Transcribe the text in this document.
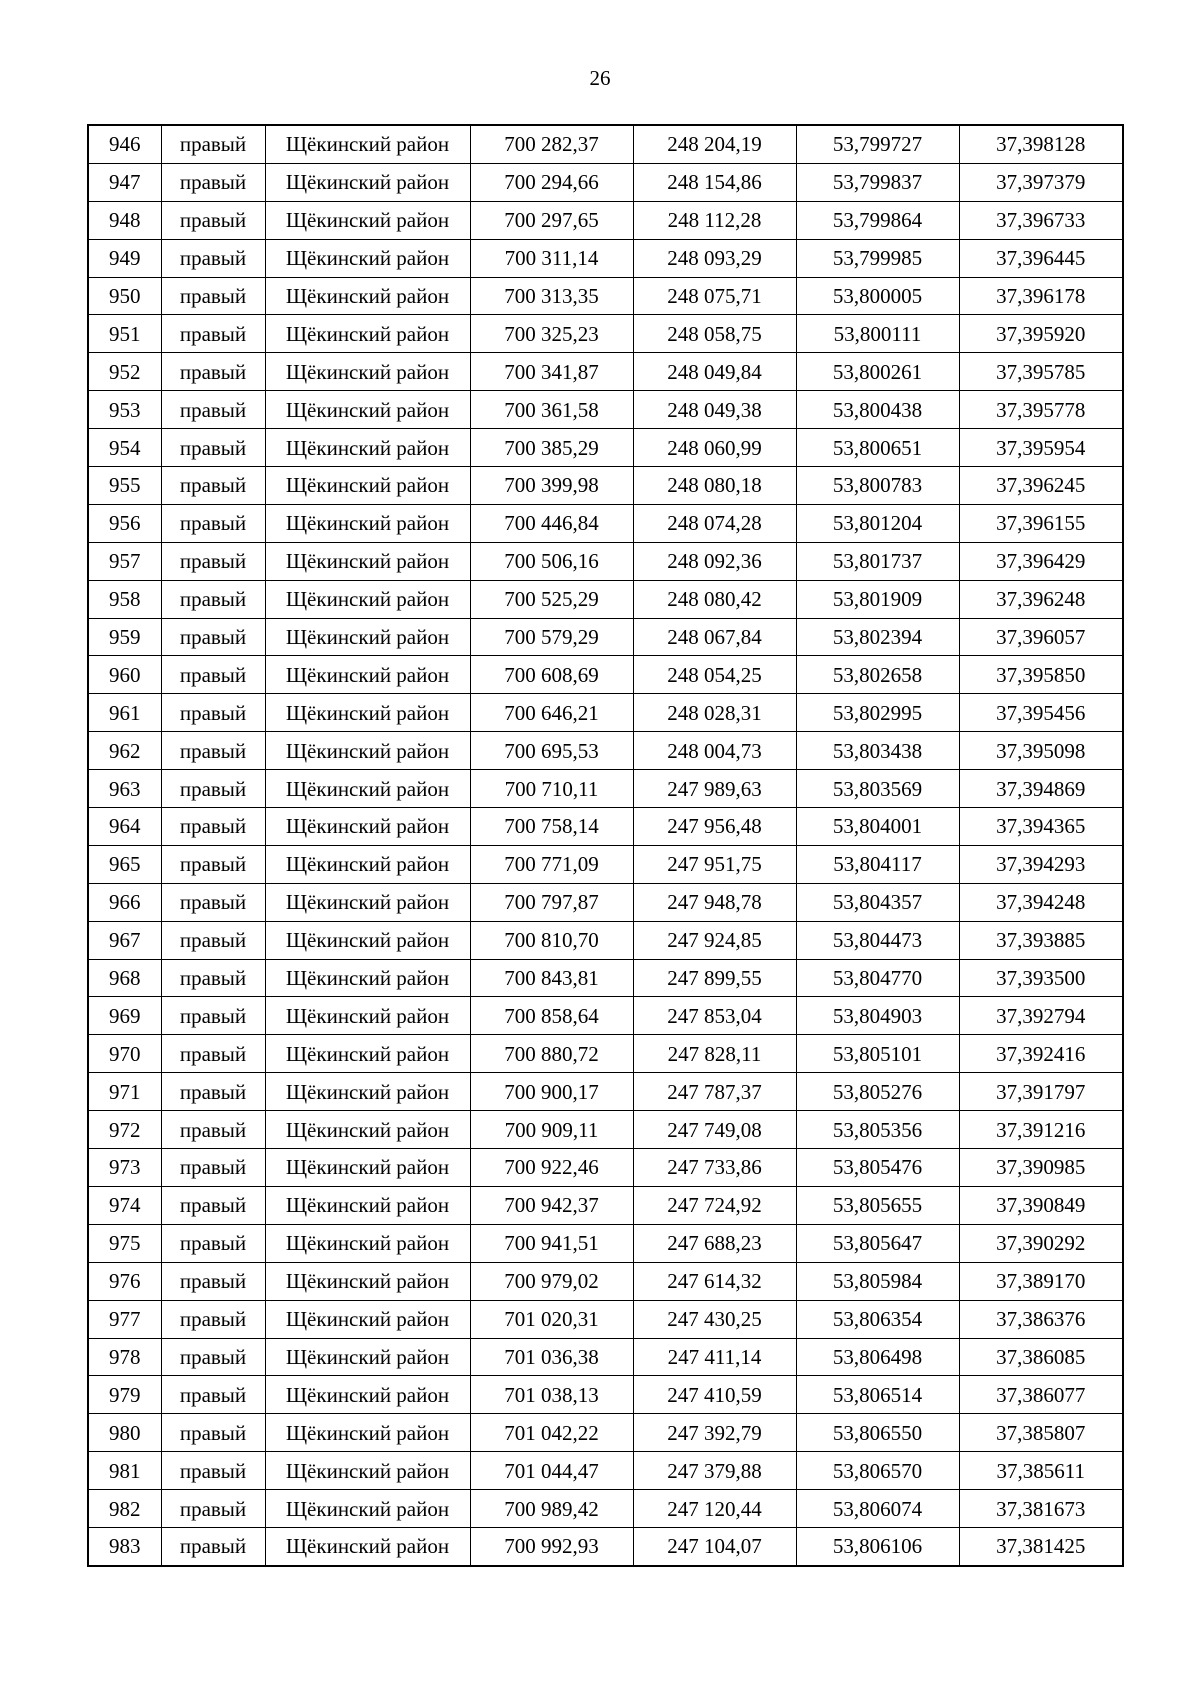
26
946	правый	Щёкинский район	700 282,37	248 204,19	53,799727	37,398128
947	правый	Щёкинский район	700 294,66	248 154,86	53,799837	37,397379
948	правый	Щёкинский район	700 297,65	248 112,28	53,799864	37,396733
949	правый	Щёкинский район	700 311,14	248 093,29	53,799985	37,396445
950	правый	Щёкинский район	700 313,35	248 075,71	53,800005	37,396178
951	правый	Щёкинский район	700 325,23	248 058,75	53,800111	37,395920
952	правый	Щёкинский район	700 341,87	248 049,84	53,800261	37,395785
953	правый	Щёкинский район	700 361,58	248 049,38	53,800438	37,395778
954	правый	Щёкинский район	700 385,29	248 060,99	53,800651	37,395954
955	правый	Щёкинский район	700 399,98	248 080,18	53,800783	37,396245
956	правый	Щёкинский район	700 446,84	248 074,28	53,801204	37,396155
957	правый	Щёкинский район	700 506,16	248 092,36	53,801737	37,396429
958	правый	Щёкинский район	700 525,29	248 080,42	53,801909	37,396248
959	правый	Щёкинский район	700 579,29	248 067,84	53,802394	37,396057
960	правый	Щёкинский район	700 608,69	248 054,25	53,802658	37,395850
961	правый	Щёкинский район	700 646,21	248 028,31	53,802995	37,395456
962	правый	Щёкинский район	700 695,53	248 004,73	53,803438	37,395098
963	правый	Щёкинский район	700 710,11	247 989,63	53,803569	37,394869
964	правый	Щёкинский район	700 758,14	247 956,48	53,804001	37,394365
965	правый	Щёкинский район	700 771,09	247 951,75	53,804117	37,394293
966	правый	Щёкинский район	700 797,87	247 948,78	53,804357	37,394248
967	правый	Щёкинский район	700 810,70	247 924,85	53,804473	37,393885
968	правый	Щёкинский район	700 843,81	247 899,55	53,804770	37,393500
969	правый	Щёкинский район	700 858,64	247 853,04	53,804903	37,392794
970	правый	Щёкинский район	700 880,72	247 828,11	53,805101	37,392416
971	правый	Щёкинский район	700 900,17	247 787,37	53,805276	37,391797
972	правый	Щёкинский район	700 909,11	247 749,08	53,805356	37,391216
973	правый	Щёкинский район	700 922,46	247 733,86	53,805476	37,390985
974	правый	Щёкинский район	700 942,37	247 724,92	53,805655	37,390849
975	правый	Щёкинский район	700 941,51	247 688,23	53,805647	37,390292
976	правый	Щёкинский район	700 979,02	247 614,32	53,805984	37,389170
977	правый	Щёкинский район	701 020,31	247 430,25	53,806354	37,386376
978	правый	Щёкинский район	701 036,38	247 411,14	53,806498	37,386085
979	правый	Щёкинский район	701 038,13	247 410,59	53,806514	37,386077
980	правый	Щёкинский район	701 042,22	247 392,79	53,806550	37,385807
981	правый	Щёкинский район	701 044,47	247 379,88	53,806570	37,385611
982	правый	Щёкинский район	700 989,42	247 120,44	53,806074	37,381673
983	правый	Щёкинский район	700 992,93	247 104,07	53,806106	37,381425
